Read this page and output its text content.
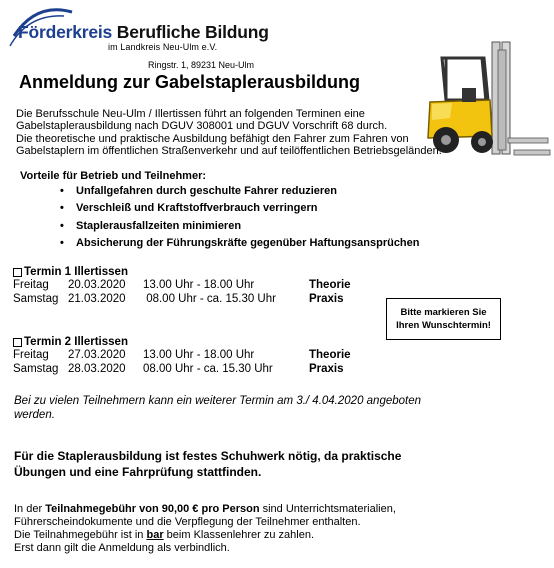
Förderkreis Berufliche Bildung
im Landkreis Neu-Ulm e.V.
Ringstr. 1, 89231 Neu-Ulm
Anmeldung zur Gabelstaplerausbildung
Die Berufsschule Neu-Ulm / Illertissen führt an folgenden Terminen eine
Gabelstaplerausbildung nach DGUV 308001 und DGUV Vorschrift 68 durch.
Die theoretische und praktische Ausbildung befähigt den Fahrer zum Fahren von
Gabelstaplern im öffentlichen Straßenverkehr und auf teilöffentlichen Betriebsgeländen.
Vorteile für Betrieb und Teilnehmer:
• Unfallgefahren durch geschulte Fahrer reduzieren
• Verschleiß und Kraftstoffverbrauch verringern
• Staplerausfallzeiten minimieren
• Absicherung der Führungskräfte gegenüber Haftungsansprüchen
Termin 1 Illertissen
Freitag 20.03.2020 13.00 Uhr - 18.00 Uhr	Theorie
Samstag 21.03.2020 08.00 Uhr - ca. 15.30 Uhr	Praxis
Bitte markieren Sie
Ihren Wunschtermin!
Termin 2 Illertissen
Freitag 27.03.2020 13.00 Uhr - 18.00 Uhr	Theorie
Samstag 28.03.2020 08.00 Uhr - ca. 15.30 Uhr	Praxis
Bei zu vielen Teilnehmern kann ein weiterer Termin am 3./ 4.04.2020 angeboten werden.
Für die Staplerausbildung ist festes Schuhwerk nötig, da praktische Übungen und eine Fahrprüfung stattfinden.
In der Teilnahmegebühr von 90,00 € pro Person sind Unterrichtsmaterialien,
Führerscheindokumente und die Verpflegung der Teilnehmer enthalten.
Die Teilnahmegebühr ist in bar beim Klassenlehrer zu zahlen.
Erst dann gilt die Anmeldung als verbindlich.
